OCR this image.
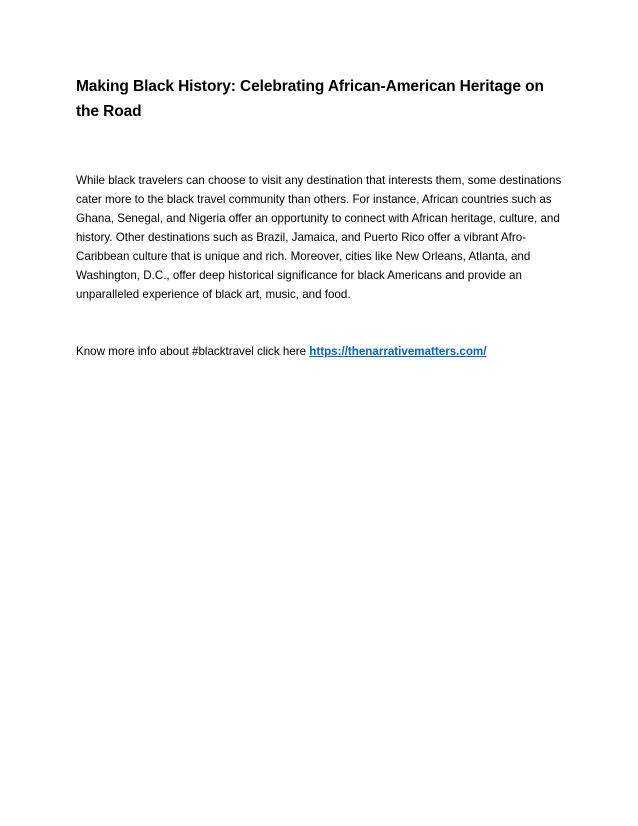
Making Black History: Celebrating African-American Heritage on the Road

While black travelers can choose to visit any destination that interests them, some destinations cater more to the black travel community than others. For instance, African countries such as Ghana, Senegal, and Nigeria offer an opportunity to connect with African heritage, culture, and history. Other destinations such as Brazil, Jamaica, and Puerto Rico offer a vibrant Afro-Caribbean culture that is unique and rich. Moreover, cities like New Orleans, Atlanta, and Washington, D.C., offer deep historical significance for black Americans and provide an unparalleled experience of black art, music, and food.

Know more info about #blacktravel click here https://thenarrativematters.com/
